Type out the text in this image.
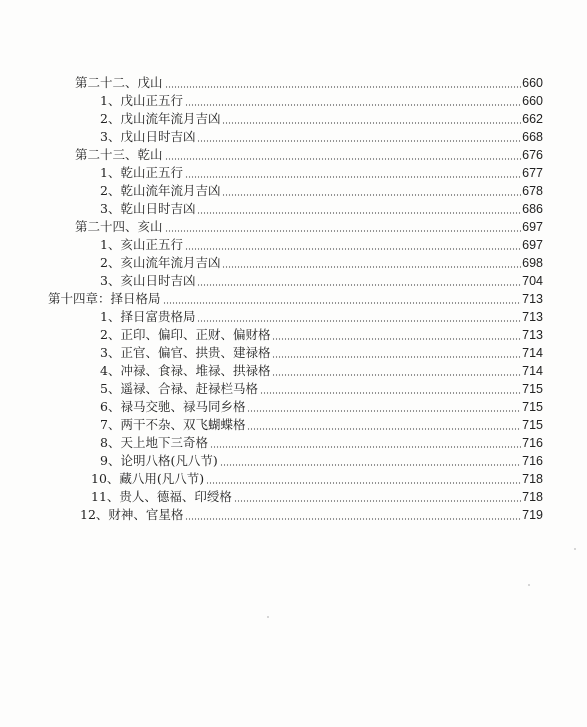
第二十二、戊山	660
1、戊山正五行	660
2、戊山流年流月吉凶	662
3、戊山日时吉凶	668
第二十三、乾山	676
1、乾山正五行	677
2、乾山流年流月吉凶	678
3、乾山日时吉凶	686
第二十四、亥山	697
1、亥山正五行	697
2、亥山流年流月吉凶	698
3、亥山日时吉凶	704
第十四章：择日格局	713
1、择日富贵格局	713
2、正印、偏印、正财、偏财格	713
3、正官、偏官、拱贵、建禄格	714
4、冲禄、食禄、堆禄、拱禄格	714
5、遥禄、合禄、赶禄栏马格	715
6、禄马交驰、禄马同乡格	715
7、两干不杂、双飞蝴蝶格	715
8、天上地下三奇格	716
9、论明八格(凡八节)	716
10、藏八用(凡八节)	718
11、贵人、德福、印绶格	718
12、财神、官星格	719
